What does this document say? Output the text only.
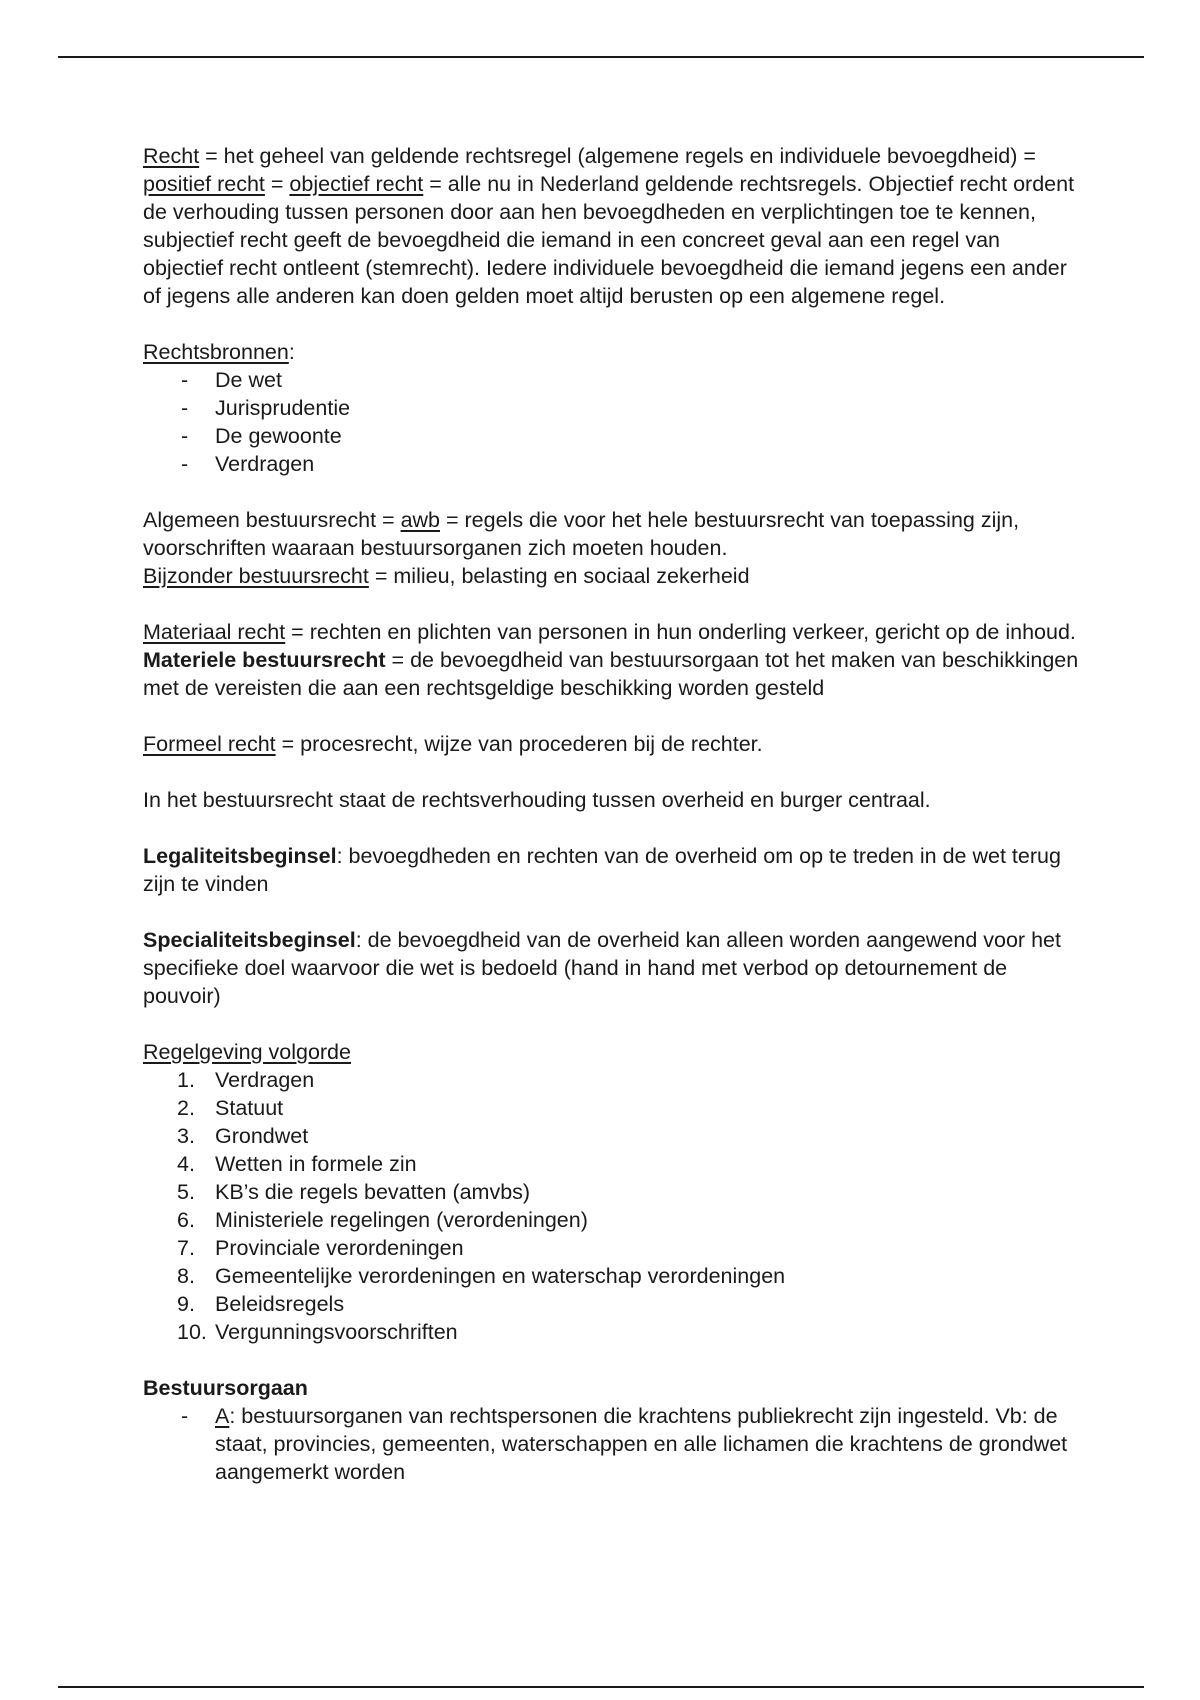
Recht = het geheel van geldende rechtsregel (algemene regels en individuele bevoegdheid) = positief recht = objectief recht = alle nu in Nederland geldende rechtsregels. Objectief recht ordent de verhouding tussen personen door aan hen bevoegdheden en verplichtingen toe te kennen, subjectief recht geeft de bevoegdheid die iemand in een concreet geval aan een regel van objectief recht ontleent (stemrecht). Iedere individuele bevoegdheid die iemand jegens een ander of jegens alle anderen kan doen gelden moet altijd berusten op een algemene regel.

Rechtsbronnen:
- De wet
- Jurisprudentie
- De gewoonte
- Verdragen
Algemeen bestuursrecht = awb = regels die voor het hele bestuursrecht van toepassing zijn, voorschriften waaraan bestuursorganen zich moeten houden.
Bijzonder bestuursrecht = milieu, belasting en sociaal zekerheid

Materiaal recht = rechten en plichten van personen in hun onderling verkeer, gericht op de inhoud. Materiele bestuursrecht = de bevoegdheid van bestuursorgaan tot het maken van beschikkingen met de vereisten die aan een rechtsgeldige beschikking worden gesteld

Formeel recht = procesrecht, wijze van procederen bij de rechter.

In het bestuursrecht staat de rechtsverhouding tussen overheid en burger centraal.

Legaliteitsbeginsel: bevoegdheden en rechten van de overheid om op te treden in de wet terug zijn te vinden

Specialiteitsbeginsel: de bevoegdheid van de overheid kan alleen worden aangewend voor het specifieke doel waarvoor die wet is bedoeld (hand in hand met verbod op detournement de pouvoir)

Regelgeving volgorde
1. Verdragen
2. Statuut
3. Grondwet
4. Wetten in formele zin
5. KB’s die regels bevatten (amvbs)
6. Ministeriele regelingen (verordeningen)
7. Provinciale verordeningen
8. Gemeentelijke verordeningen en waterschap verordeningen
9. Beleidsregels
10. Vergunningsvoorschriften
Bestuursorgaan
- A: bestuursorganen van rechtspersonen die krachtens publiekrecht zijn ingesteld. Vb: de staat, provincies, gemeenten, waterschappen en alle lichamen die krachtens de grondwet aangemerkt worden
